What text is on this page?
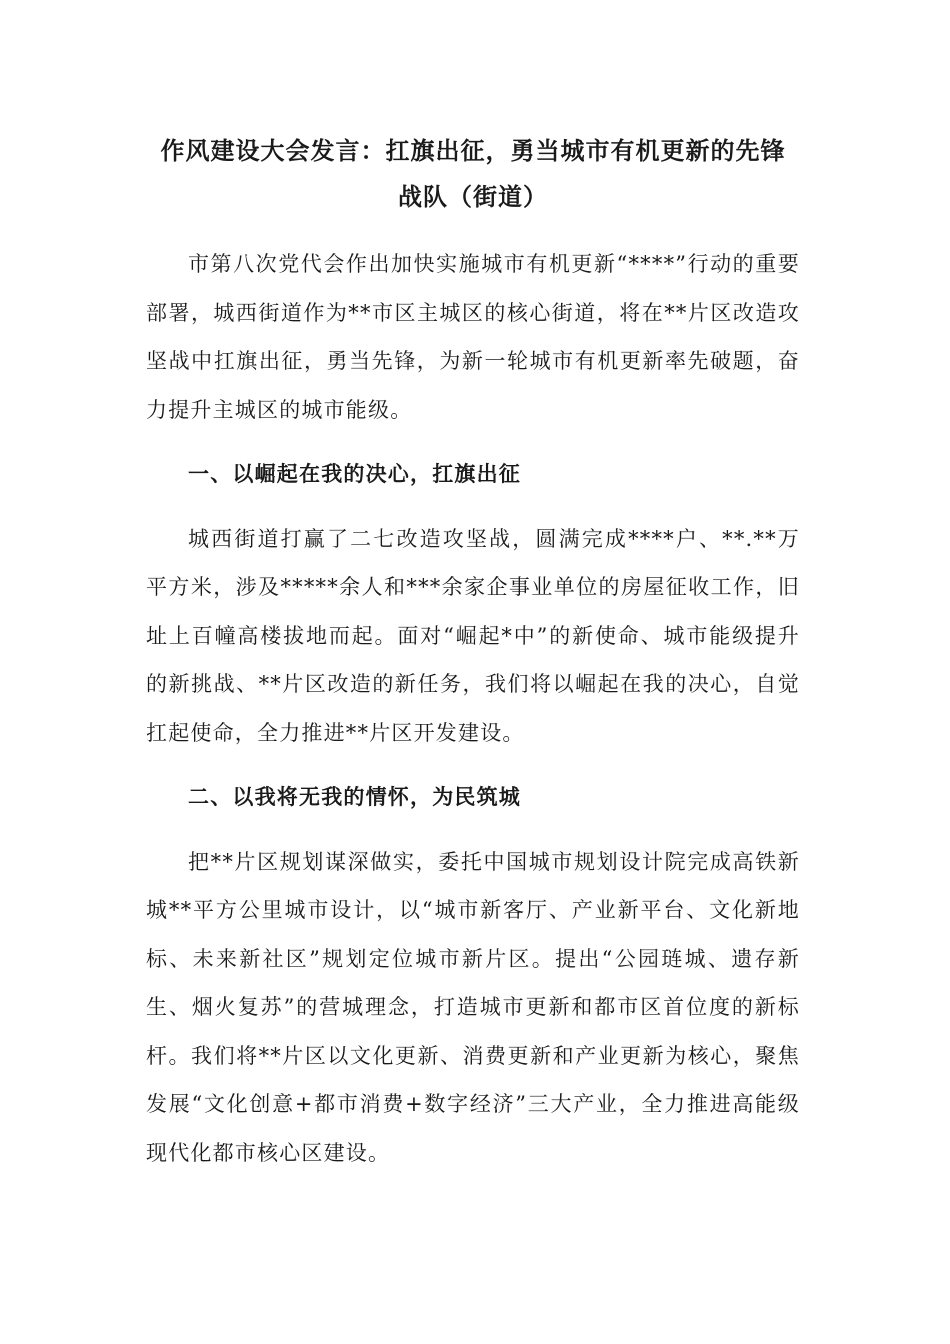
作风建设大会发言：扛旗出征，勇当城市有机更新的先锋
战队（街道）

市第八次党代会作出加快实施城市有机更新“****”行动的重要部署，城西街道作为**市区主城区的核心街道，将在**片区改造攻坚战中扛旗出征，勇当先锋，为新一轮城市有机更新率先破题，奋力提升主城区的城市能级。

一、以崛起在我的决心，扛旗出征

城西街道打赢了二七改造攻坚战，圆满完成****户、**.**万平方米，涉及*****余人和***余家企事业单位的房屋征收工作，旧址上百幢高楼拔地而起。面对“崛起*中”的新使命、城市能级提升的新挑战、**片区改造的新任务，我们将以崛起在我的决心，自觉扛起使命，全力推进**片区开发建设。

二、以我将无我的情怀，为民筑城

把**片区规划谋深做实，委托中国城市规划设计院完成高铁新城**平方公里城市设计，以“城市新客厅、产业新平台、文化新地标、未来新社区”规划定位城市新片区。提出“公园琏城、遗存新生、烟火复苏”的营城理念，打造城市更新和都市区首位度的新标杆。我们将**片区以文化更新、消费更新和产业更新为核心，聚焦发展“文化创意+都市消费+数字经济”三大产业，全力推进高能级现代化都市核心区建设。
